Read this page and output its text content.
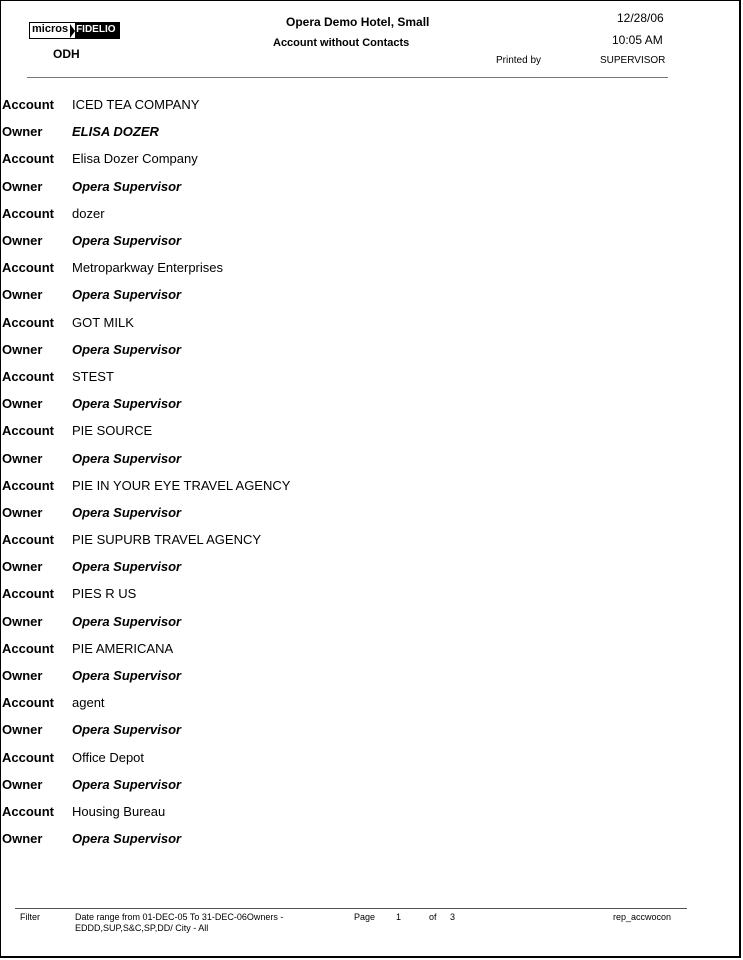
micros FIDELIO
ODH
Opera Demo Hotel, Small
Account without Contacts
12/28/06
10:05 AM
Printed by	SUPERVISOR
Account	ICED TEA COMPANY
Owner	ELISA DOZER
Account	Elisa Dozer Company
Owner	Opera Supervisor
Account	dozer
Owner	Opera Supervisor
Account	Metroparkway Enterprises
Owner	Opera Supervisor
Account	GOT MILK
Owner	Opera Supervisor
Account	STEST
Owner	Opera Supervisor
Account	PIE SOURCE
Owner	Opera Supervisor
Account	PIE IN YOUR EYE TRAVEL AGENCY
Owner	Opera Supervisor
Account	PIE SUPURB TRAVEL AGENCY
Owner	Opera Supervisor
Account	PIES R US
Owner	Opera Supervisor
Account	PIE AMERICANA
Owner	Opera Supervisor
Account	agent
Owner	Opera Supervisor
Account	Office Depot
Owner	Opera Supervisor
Account	Housing Bureau
Owner	Opera Supervisor
Filter	Date range from 01-DEC-05 To 31-DEC-06Owners - EDDD,SUP,S&C,SP,DD/ City - All
Page 1	of 3	rep_accwocon
